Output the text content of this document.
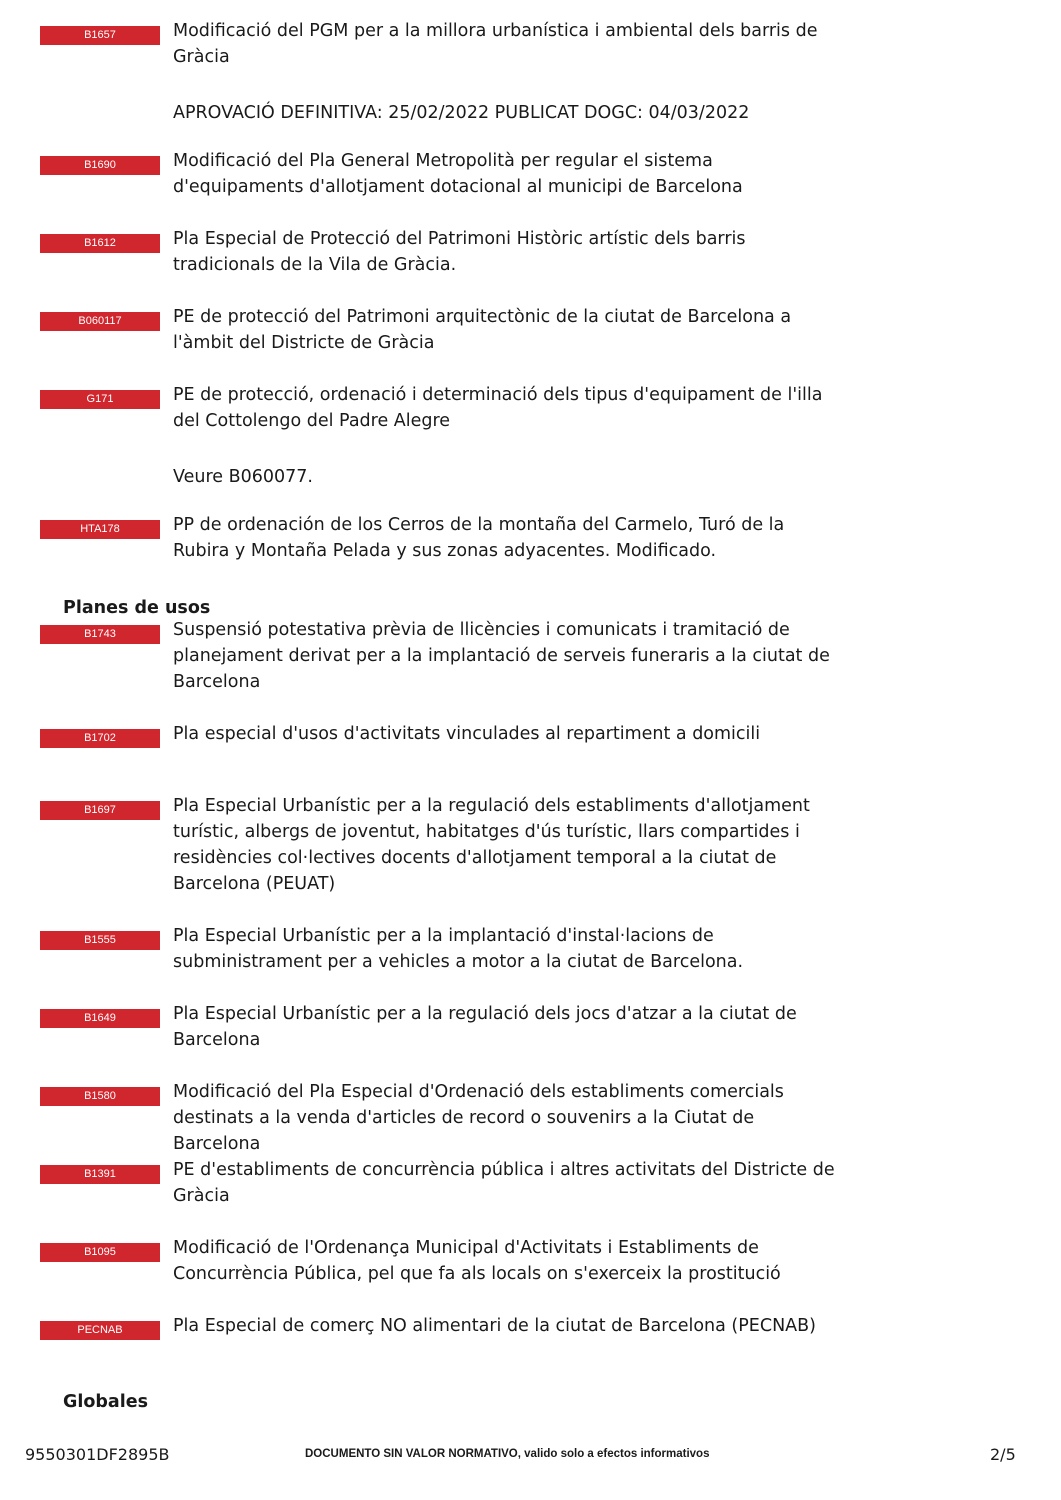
B1657	Modificació del PGM per a la millora urbanística i ambiental dels barris de
Gràcia
APROVACIÓ DEFINITIVA: 25/02/2022 PUBLICAT DOGC: 04/03/2022
B1690	Modificació del Pla General Metropolità per regular el sistema
d'equipaments d'allotjament dotacional al municipi de Barcelona
B1612	Pla Especial de Protecció del Patrimoni Històric artístic dels barris
tradicionals de la Vila de Gràcia.
B060117	PE de protecció del Patrimoni arquitectònic de la ciutat de Barcelona a
l'àmbit del Districte de Gràcia
G171	PE de protecció, ordenació i determinació dels tipus d'equipament de l'illa
del Cottolengo del Padre Alegre
Veure B060077.
HTA178	PP de ordenación de los Cerros de la montaña del Carmelo, Turó de la
Rubira y Montaña Pelada y sus zonas adyacentes. Modificado.
Planes de usos
B1743	Suspensió potestativa prèvia de llicències i comunicats i tramitació de
planejament derivat per a la implantació de serveis funeraris a la ciutat de
Barcelona
B1702	Pla especial d'usos d'activitats vinculades al repartiment a domicili
B1697	Pla Especial Urbanístic per a la regulació dels establiments d'allotjament
turístic, albergs de joventut, habitatges d'ús turístic, llars compartides i
residències col·lectives docents d'allotjament temporal a la ciutat de
Barcelona (PEUAT)
B1555	Pla Especial Urbanístic per a la implantació d'instal·lacions de
subministrament per a vehicles a motor a la ciutat de Barcelona.
B1649	Pla Especial Urbanístic per a la regulació dels jocs d'atzar a la ciutat de
Barcelona
B1580	Modificació del Pla Especial d'Ordenació dels establiments comercials
destinats a la venda d'articles de record o souvenirs a la Ciutat de Barcelona
B1391	PE d'establiments de concurrència pública i altres activitats del Districte de
Gràcia
B1095	Modificació de l'Ordenança Municipal d'Activitats i Establiments de
Concurrència Pública, pel que fa als locals on s'exerceix la prostitució
PECNAB	Pla Especial de comerç NO alimentari de la ciutat de Barcelona (PECNAB)
Globales
9550301DF2895B	DOCUMENTO SIN VALOR NORMATIVO, valido solo a efectos informativos	2/5
